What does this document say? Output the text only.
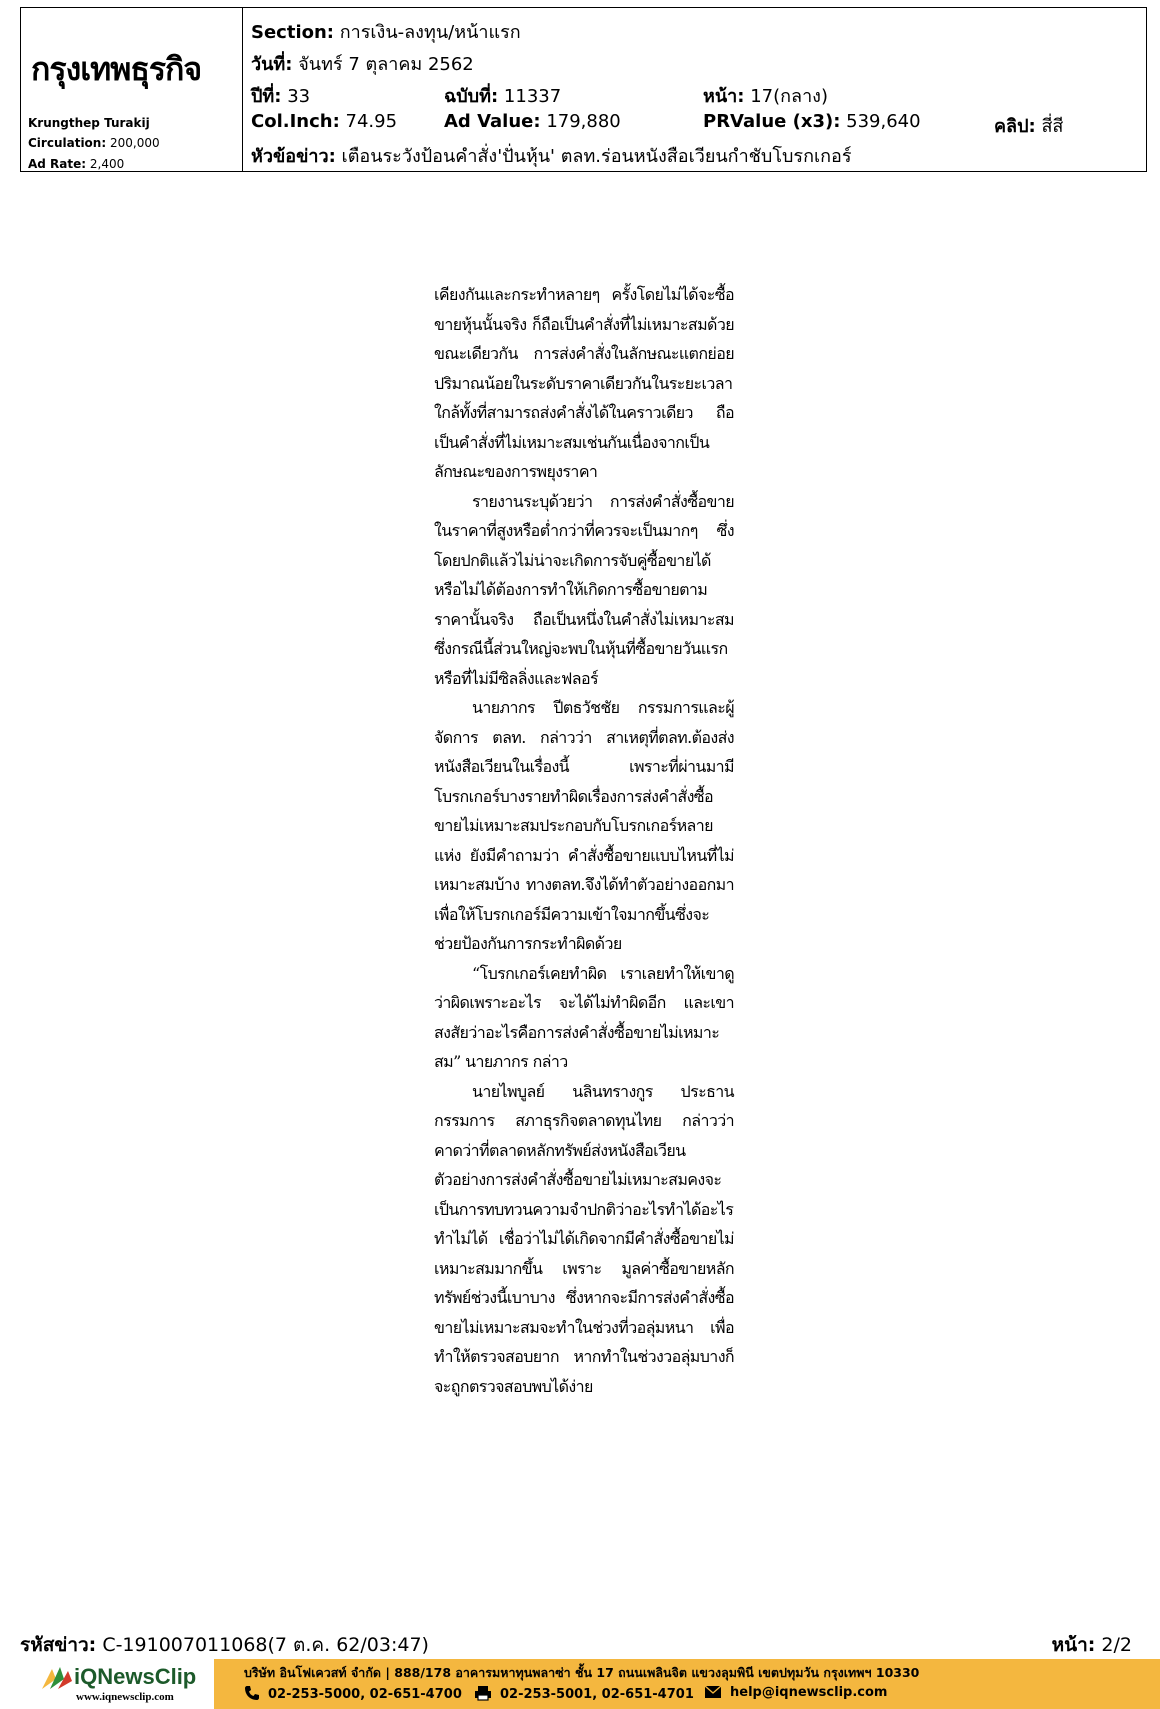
กรุงเทพธุรกิจ
Krungthep Turakij
Circulation: 200,000
Ad Rate: 2,400
Section: การเงิน-ลงทุน/หน้าแรก
วันที่: จันทร์ 7 ตุลาคม 2562
ปีที่: 33	ฉบับที่: 11337	หน้า: 17(กลาง)
Col.Inch: 74.95	Ad Value: 179,880	PRValue (x3): 539,640	คลิป: สี่สี
หัวข้อข่าว: เตือนระวังป้อนคำสั่ง'ปั่นหุ้น' ตลท.ร่อนหนังสือเวียนกำชับโบรกเกอร์

เคียงกันและกระทำหลายๆ ครั้งโดยไม่ได้จะซื้อขายหุ้นนั้นจริง ก็ถือเป็นคำสั่งที่ไม่เหมาะสมด้วย ขณะเดียวกัน การส่งคำสั่งในลักษณะแตกย่อยปริมาณน้อยในระดับราคาเดียวกันในระยะเวลาใกล้ทั้งที่สามารถส่งคำสั่งได้ในคราวเดียว ถือเป็นคำสั่งที่ไม่เหมาะสมเช่นกันเนื่องจากเป็นลักษณะของการพยุงราคา

รายงานระบุด้วยว่า การส่งคำสั่งซื้อขายในราคาที่สูงหรือต่ำกว่าที่ควรจะเป็นมากๆ ซึ่งโดยปกติแล้วไม่น่าจะเกิดการจับคู่ซื้อขายได้หรือไม่ได้ต้องการทำให้เกิดการซื้อขายตามราคานั้นจริง ถือเป็นหนึ่งในคำสั่งไม่เหมาะสม ซึ่งกรณีนี้ส่วนใหญ่จะพบในหุ้นที่ซื้อขายวันแรกหรือที่ไม่มีซิลลิ่งและฟลอร์

นายภากร ปีตธวัชชัย กรรมการและผู้จัดการ ตลท. กล่าวว่า สาเหตุที่ตลท.ต้องส่งหนังสือเวียนในเรื่องนี้ เพราะที่ผ่านมามีโบรกเกอร์บางรายทำผิดเรื่องการส่งคำสั่งซื้อขายไม่เหมาะสมประกอบกับโบรกเกอร์หลายแห่ง ยังมีคำถามว่า คำสั่งซื้อขายแบบไหนที่ไม่เหมาะสมบ้าง ทางตลท.จึงได้ทำตัวอย่างออกมาเพื่อให้โบรกเกอร์มีความเข้าใจมากขึ้นซึ่งจะช่วยป้องกันการกระทำผิดด้วย

“โบรกเกอร์เคยทำผิด เราเลยทำให้เขาดูว่าผิดเพราะอะไร จะได้ไม่ทำผิดอีก และเขาสงสัยว่าอะไรคือการส่งคำสั่งซื้อขายไม่เหมาะสม” นายภากร กล่าว

นายไพบูลย์ นลินทรางกูร ประธานกรรมการ สภาธุรกิจตลาดทุนไทย กล่าวว่า คาดว่าที่ตลาดหลักทรัพย์ส่งหนังสือเวียนตัวอย่างการส่งคำสั่งซื้อขายไม่เหมาะสมคงจะเป็นการทบทวนความจำปกติว่าอะไรทำได้อะไรทำไม่ได้ เชื่อว่าไม่ได้เกิดจากมีคำสั่งซื้อขายไม่เหมาะสมมากขึ้น เพราะ มูลค่าซื้อขายหลักทรัพย์ช่วงนี้เบาบาง ซึ่งหากจะมีการส่งคำสั่งซื้อขายไม่เหมาะสมจะทำในช่วงที่วอลุ่มหนา เพื่อทำให้ตรวจสอบยาก หากทำในช่วงวอลุ่มบางก็จะถูกตรวจสอบพบได้ง่าย

รหัสข่าว: C-191007011068(7 ต.ค. 62/03:47)	หน้า: 2/2
iQNewsClip
www.iqnewsclip.com
บริษัท อินโฟเควสท์ จำกัด | 888/178 อาคารมหาทุนพลาซ่า ชั้น 17 ถนนเพลินจิต แขวงลุมพินี เขตปทุมวัน กรุงเทพฯ 10330
02-253-5000, 02-651-4700	02-253-5001, 02-651-4701	help@iqnewsclip.com
